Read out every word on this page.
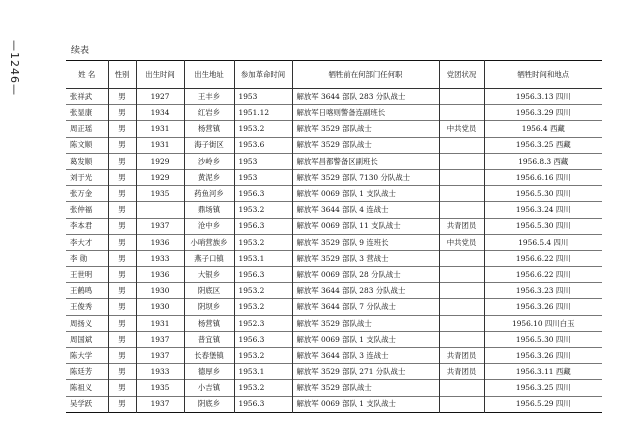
— 1246 —
续表
姓 名	性别	出生时间	出生地址	参加革命时间	牺牲前在何部门任何职	党团状况	牺牲时间和地点
张祥武	男	1927	王丰乡	1953	解放军 3644 部队 283 分队战士		1956.3.13 四川
张显康	男	1934	红岩乡	1951.12	解放军日喀则警备连副班长		1956.3.29 四川
周正瑶	男	1931	杨营镇	1953.2	解放军 3529 部队战士	中共党员	1956.4 西藏
陈文顺	男	1931	海子街区	1953.6	解放军 3529 部队战士		1956.3.25 西藏
葛发顺	男	1929	沙岭乡	1953	解放军昌都警备区副班长		1956.8.3 西藏
刘于光	男	1929	黄泥乡	1953	解放军 3529 部队 7130 分队战士		1956.6.16 四川
张万金	男	1935	药鱼河乡	1956.3	解放军 0069 部队 1 支队战士		1956.5.30 四川
张仲福	男		鼎场镇	1953.2	解放军 3644 部队 4 连战士		1956.3.24 四川
李本君	男	1937	沧中乡	1956.3	解放军 0069 部队 11 支队战士	共青团员	1956.5.30 四川
李大才	男	1936	小哨营族乡	1953.2	解放军 3529 部队 9 连班长	中共党员	1956.5.4 四川
李 勋	男	1933	燕子口镇	1953.1	解放军 3529 部队 3 营战士		1956.6.22 四川
王世明	男	1936	大银乡	1956.3	解放军 0069 部队 28 分队战士		1956.6.22 四川
王鹤鸣	男	1930	阴底区	1953.2	解放军 3644 部队 283 分队战士		1956.3.23 四川
王俊秀	男	1930	阴坝乡	1953.2	解放军 3644 部队 7 分队战士		1956.3.26 四川
周扬义	男	1931	杨营镇	1952.3	解放军 3529 部队战士		1956.10 四川白玉
周国斌	男	1937	普宜镇	1956.3	解放军 0069 部队 1 支队战士		1956.5.30 四川
陈大学	男	1937	长春堡镇	1953.2	解放军 3644 部队 3 连战士	共青团员	1956.3.26 四川
陈廷芳	男	1933	德厚乡	1953.1	解放军 3529 部队 271 分队战士	共青团员	1956.3.11 西藏
陈祖义	男	1935	小吉镇	1953.2	解放军 3529 部队战士		1956.3.25 四川
吴学跃	男	1937	阴底乡	1956.3	解放军 0069 部队 1 支队战士		1956.5.29 四川
